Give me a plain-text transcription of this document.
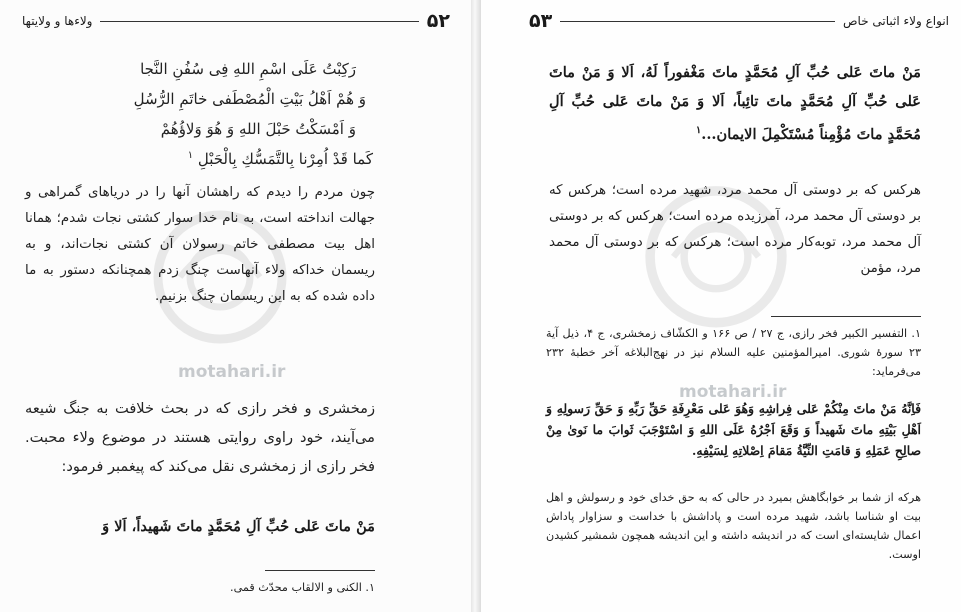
motahari.ir
۵۲
ولاءها و ولایتها
رَكِبْتُ عَلَى اسْمِ اللهِ فِى سُفُنِ النَّجا
وَ هُمْ اَهْلُ بَيْتِ الْمُصْطَفى خاتَمِ الرُّسُلِ
وَ اَمْسَكْتُ حَبْلَ اللهِ وَ هُوَ وَلاؤُهُمْ
كَما قَدْ اُمِرْنا بِالتَّمَسُّكِ بِالْحَبْلِ $^۱$
چون مردم را دیدم که راهشان آنها را در دریاهای گمراهی و جهالت انداخته است، به نام خدا سوار کشتی نجات شدم؛ همانا اهل بیت مصطفی خاتم رسولان آن کشتی نجات‌اند، و به ریسمان خداکه ولاء آنهاست چنگ زدم همچنانکه دستور به ما داده شده که به این ریسمان چنگ بزنیم.
زمخشری و فخر رازی که در بحث خلافت به جنگ شیعه می‌آیند، خود راوی روایتی هستند در موضوع ولاء محبت. فخر رازی از زمخشری نقل می‌کند که پیغمبر فرمود:
مَنْ ماتَ عَلى حُبِّ آلِ مُحَمَّدٍ ماتَ شَهيداً، اَلا وَ
۱. الکنی و الالقاب محدّث قمی.
motahari.ir
انواع ولاء اثباتی خاص
۵۳
مَنْ ماتَ عَلى حُبِّ آلِ مُحَمَّدٍ ماتَ مَغْفوراً لَهُ، اَلا وَ مَنْ ماتَ عَلى حُبِّ آلِ مُحَمَّدٍ ماتَ تائِباً، اَلا وَ مَنْ ماتَ عَلى حُبِّ آلِ مُحَمَّدٍ ماتَ مُؤْمِناً مُسْتَكْمِلَ الايمان...$^۱$
هرکس که بر دوستی آل محمد مرد، شهید مرده است؛ هرکس که بر دوستی آل محمد مرد، آمرزیده مرده است؛ هرکس که بر دوستی آل محمد مرد، توبه‌کار مرده است؛ هرکس که بر دوستی آل محمد مرد، مؤمن
۱. التفسیر الکبیر فخر رازی، ج ۲۷ / ص ۱۶۶ و الکشّاف زمخشری، ج ۴، ذیل آیة ۲۳ سورهٔ شوری. امیرالمؤمنین علیه السلام نیز در نهج‌البلاغه آخر خطبهٔ ۲۳۲ می‌فرماید:
فَاِنَّهُ مَنْ ماتَ مِنْكُمْ عَلى فِراشِهِ وَهُوَ عَلى مَعْرِفَةِ حَقِّ رَبِّهِ وَ حَقِّ رَسولِهِ وَ اَهْلِ بَيْتِهِ ماتَ شَهيداً وَ وَقَعَ اَجْرُهُ عَلَى اللهِ وَ اسْتَوْجَبَ ثَوابَ ما نَوىٰ مِنْ صالِحِ عَمَلِهِ وَ قامَتِ النِّيَّةُ مَقامَ اِصْلاتِهِ لِسَيْفِهِ.
هرکه از شما بر خوابگاهش بمیرد در حالی که به حق خدای خود و رسولش و اهل بیت او شناسا باشد، شهید مرده است و پاداشش با خداست و سزاوار پاداش اعمال شایسته‌ای است که در اندیشه داشته و این اندیشه همچون شمشیر کشیدن اوست.
